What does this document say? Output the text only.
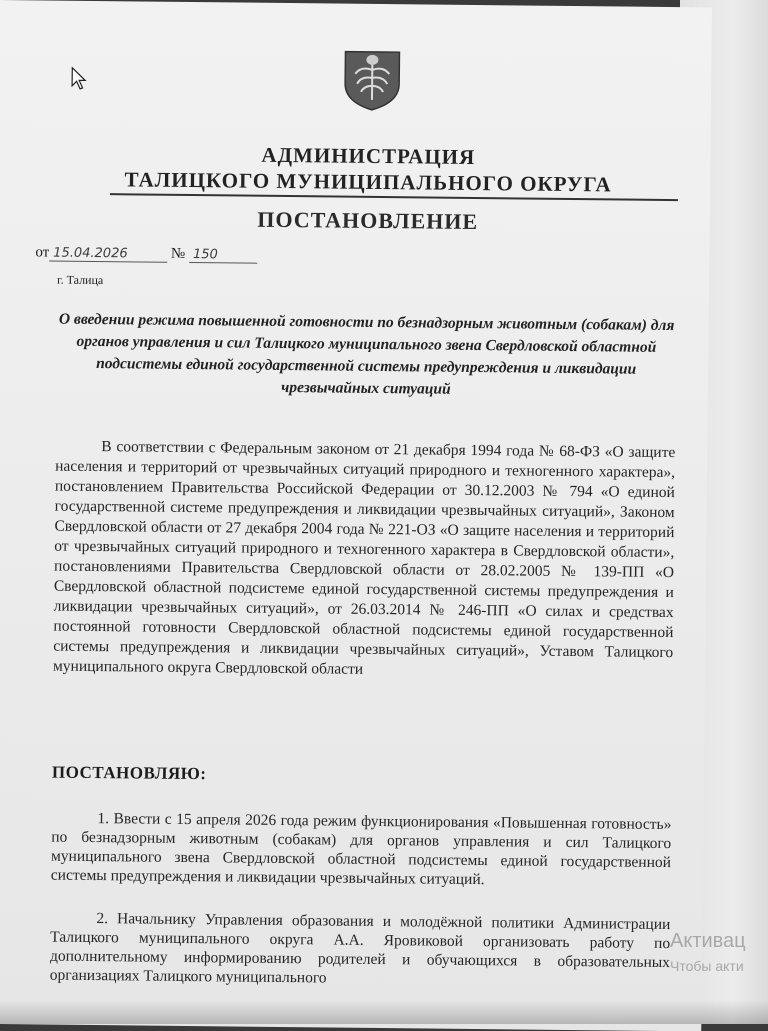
АДМИНИСТРАЦИЯ
ТАЛИЦКОГО МУНИЦИПАЛЬНОГО ОКРУГА
ПОСТАНОВЛЕНИЕ
от 15.04.2026	№ 150
г. Талица
О введении режима повышенной готовности по безнадзорным животным (собакам) для органов управления и сил Талицкого муниципального звена Свердловской областной подсистемы единой государственной системы предупреждения и ликвидации чрезвычайных ситуаций
В соответствии с Федеральным законом от 21 декабря 1994 года № 68-ФЗ «О защите населения и территорий от чрезвычайных ситуаций природного и техногенного характера», постановлением Правительства Российской Федерации от 30.12.2003 № 794 «О единой государственной системе предупреждения и ликвидации чрезвычайных ситуаций», Законом Свердловской области от 27 декабря 2004 года № 221-ОЗ «О защите населения и территорий от чрезвычайных ситуаций природного и техногенного характера в Свердловской области», постановлениями Правительства Свердловской области от 28.02.2005 № 139-ПП «О Свердловской областной подсистеме единой государственной системы предупреждения и ликвидации чрезвычайных ситуаций», от 26.03.2014 № 246-ПП «О силах и средствах постоянной готовности Свердловской областной подсистемы единой государственной системы предупреждения и ликвидации чрезвычайных ситуаций», Уставом Талицкого муниципального округа Свердловской области
ПОСТАНОВЛЯЮ:
1. Ввести с 15 апреля 2026 года режим функционирования «Повышенная готовность» по безнадзорным животным (собакам) для органов управления и сил Талицкого муниципального звена Свердловской областной подсистемы единой государственной системы предупреждения и ликвидации чрезвычайных ситуаций.
2. Начальнику Управления образования и молодёжной политики Администрации Талицкого муниципального округа А.А. Яровиковой организовать работу по дополнительному информированию родителей и обучающихся в образовательных организациях Талицкого муниципального
Активац
Чтобы акти
